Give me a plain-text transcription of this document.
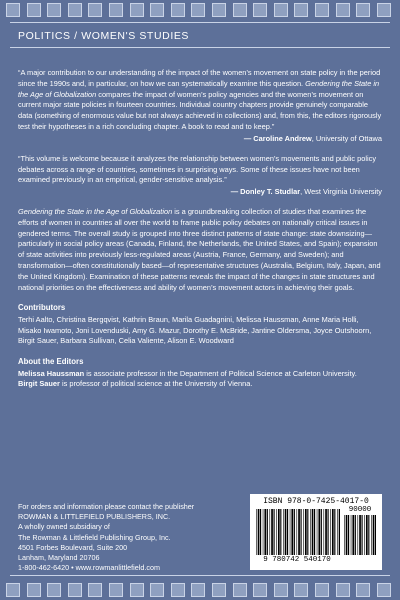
POLITICS / WOMEN'S STUDIES

“A major contribution to our understanding of the impact of the women’s movement on state policy in the period since the 1990s and, in particular, on how we can systematically examine this question. Gendering the State in the Age of Globalization compares the impact of women’s policy agencies and the women’s movement on current major state policies in fourteen countries. Individual country chapters provide genuinely comparable data (something of enormous value but not always achieved in collections) and, from this, the editors rigorously test their hypotheses in a rich concluding chapter. A book to read and to keep.”

— Caroline Andrew, University of Ottawa

“This volume is welcome because it analyzes the relationship between women’s movements and public policy debates across a range of countries, sometimes in surprising ways. Some of these issues have not been examined previously in an empirical, gender-sensitive analysis.”

— Donley T. Studlar, West Virginia University
Gendering the State in the Age of Globalization is a groundbreaking collection of studies that examines the efforts of women in countries all over the world to frame public policy debates on nationally critical issues in gendered terms. The overall study is grouped into three distinct patterns of state change: state downsizing—particularly in social policy areas (Canada, Finland, the Netherlands, the United States, and Spain); expansion of state activities into previously less-regulated areas (Austria, France, Germany, and Sweden); and transformation—often constitutionally based—of representative structures (Australia, Belgium, Italy, Japan, and the United Kingdom). Examination of these patterns reveals the impact of the changes in state structures and national priorities on the effectiveness and ability of women’s movement actors in achieving their goals.
Contributors
Terhi Aalto, Christina Bergqvist, Kathrin Braun, Marila Guadagnini, Melissa Haussman, Anne Maria Holli, Misako Iwamoto, Joni Lovenduski, Amy G. Mazur, Dorothy E. McBride, Jantine Oldersma, Joyce Outshoorn, Birgit Sauer, Barbara Sullivan, Celia Valiente, Alison E. Woodward
About the Editors
Melissa Haussman is associate professor in the Department of Political Science at Carleton University.
Birgit Sauer is professor of political science at the University of Vienna.
For orders and information please contact the publisher
ROWMAN & LITTLEFIELD PUBLISHERS, INC.
A wholly owned subsidiary of
The Rowman & Littlefield Publishing Group, Inc.
4501 Forbes Boulevard, Suite 200
Lanham, Maryland 20706
1-800-462-6420 • www.rowmanlittlefield.com
ISBN 978-0-7425-4017-0
9 780742 540170
90000
